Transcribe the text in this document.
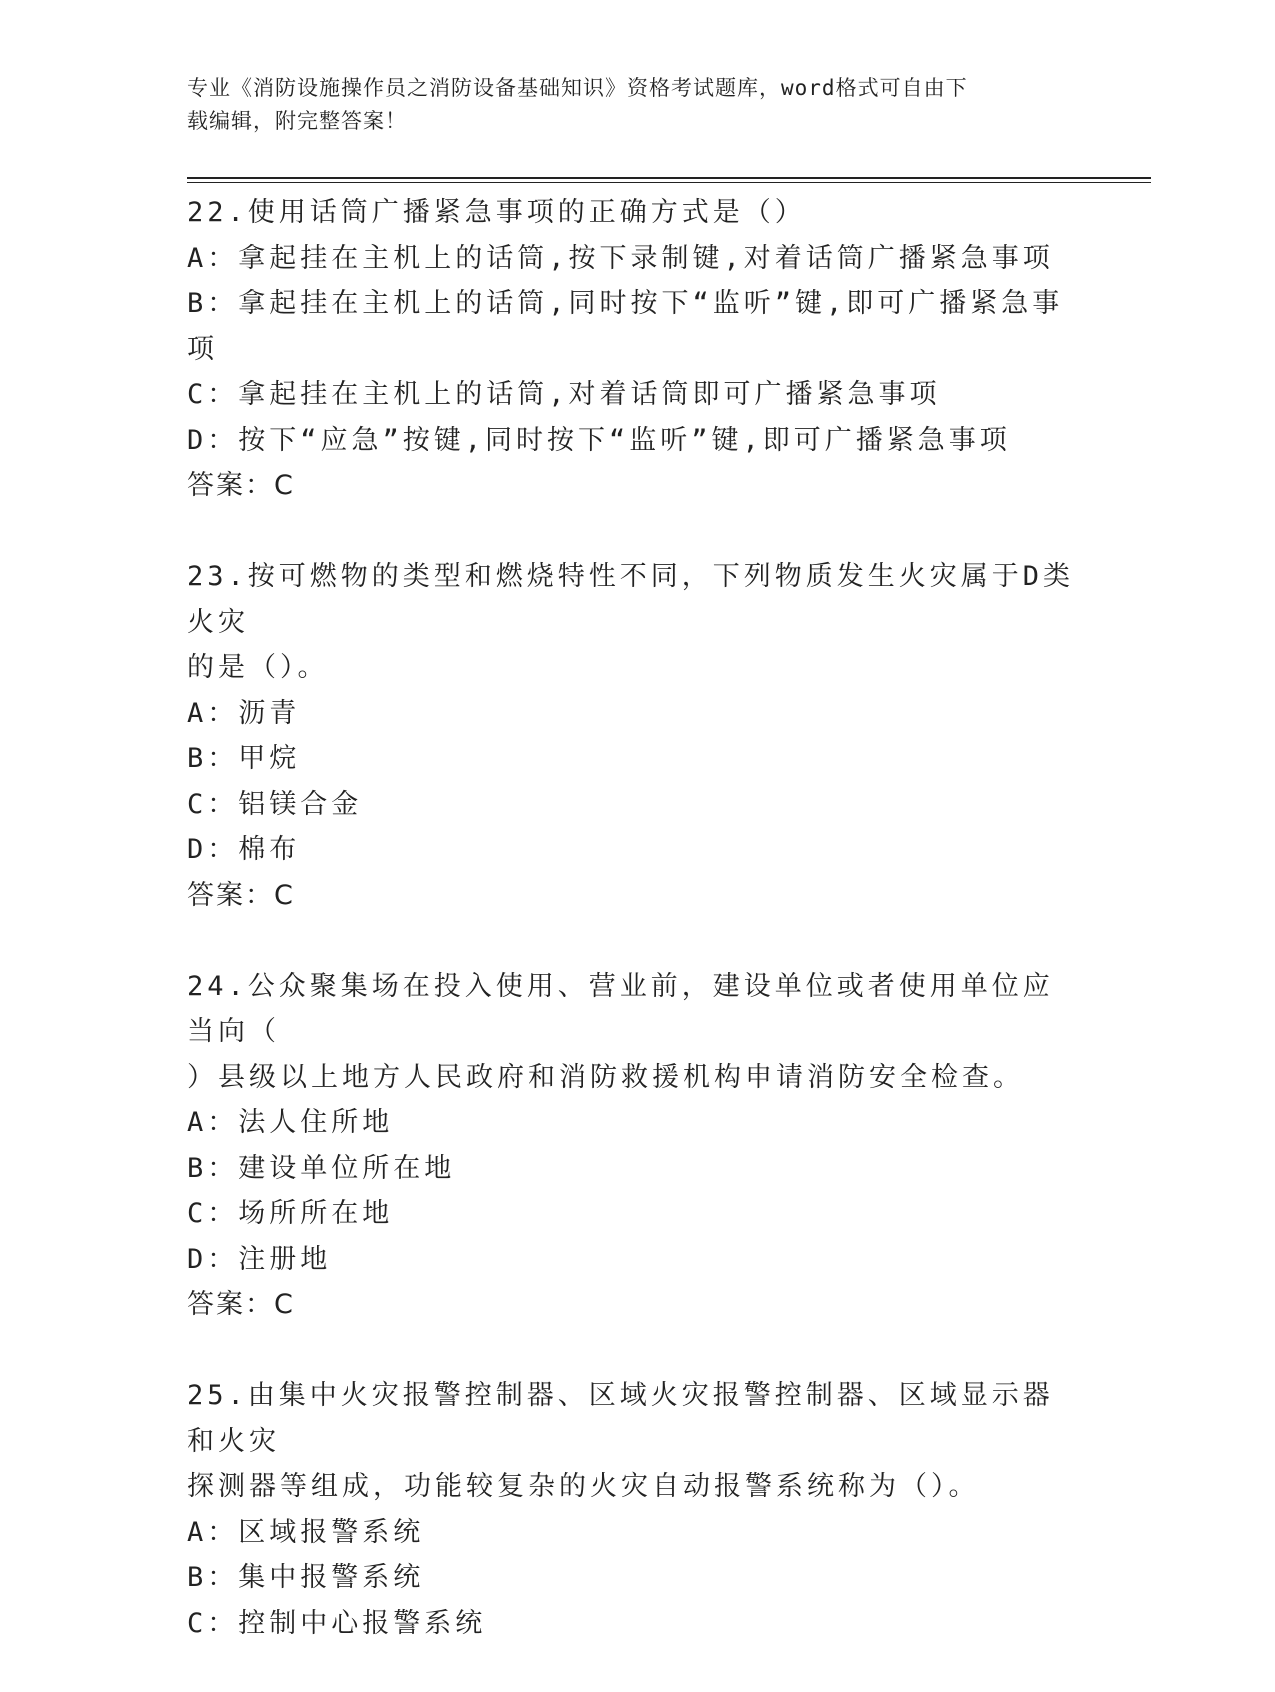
专业《消防设施操作员之消防设备基础知识》资格考试题库，word格式可自由下
载编辑，附完整答案！
22.使用话筒广播紧急事项的正确方式是（）
A：拿起挂在主机上的话筒,按下录制键,对着话筒广播紧急事项
B：拿起挂在主机上的话筒,同时按下“监听”键,即可广播紧急事项
C：拿起挂在主机上的话筒,对着话筒即可广播紧急事项
D：按下“应急”按键,同时按下“监听”键,即可广播紧急事项
答案：C
23.按可燃物的类型和燃烧特性不同，下列物质发生火灾属于D类火灾
的是（）。
A：沥青
B：甲烷
C：铝镁合金
D：棉布
答案：C
24.公众聚集场在投入使用、营业前，建设单位或者使用单位应当向（
）县级以上地方人民政府和消防救援机构申请消防安全检查。
A：法人住所地
B：建设单位所在地
C：场所所在地
D：注册地
答案：C
25.由集中火灾报警控制器、区域火灾报警控制器、区域显示器和火灾
探测器等组成，功能较复杂的火灾自动报警系统称为（）。
A：区域报警系统
B：集中报警系统
C：控制中心报警系统
